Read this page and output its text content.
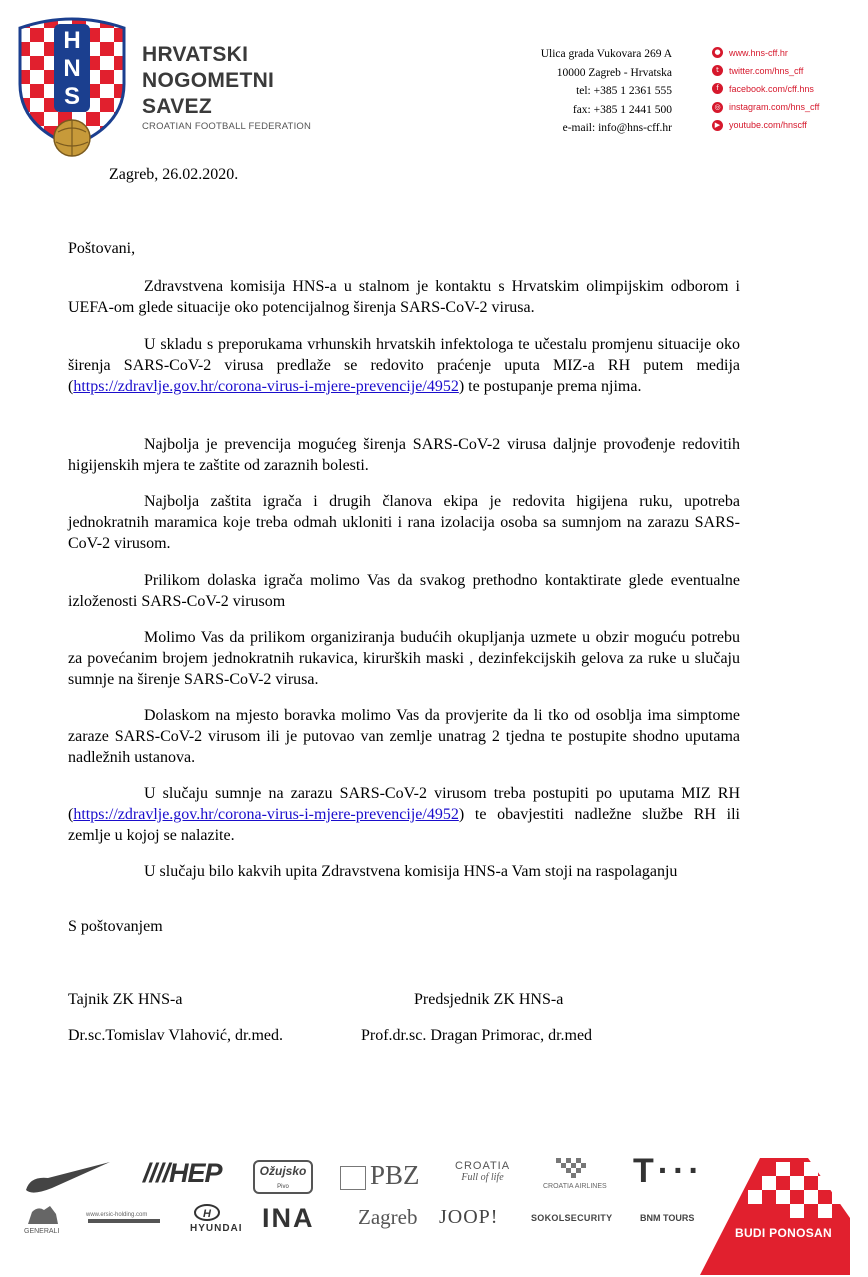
H
N
S
HRVATSKI
NOGOMETNI
SAVEZ
CROATIAN FOOTBALL FEDERATION
Ulica grada Vukovara 269 A
10000 Zagreb - Hrvatska
tel: +385 1 2361 555
fax: +385 1 2441 500
e-mail: info@hns-cff.hr
● www.hns-cff.hr
t	twitter.com/hns_cff
f	facebook.com/cff.hns
◎ instagram.com/hns_cff
▶ youtube.com/hnscff
Zagreb, 26.02.2020.
Poštovani,

Zdravstvena komisija HNS-a u stalnom je kontaktu s Hrvatskim olimpijskim odborom i UEFA-om glede situacije oko potencijalnog širenja SARS-CoV-2 virusa.

U skladu s preporukama vrhunskih hrvatskih infektologa te učestalu promjenu situacije oko širenja SARS-CoV-2 virusa predlaže se redovito praćenje uputa MIZ-a RH putem medija (https://zdravlje.gov.hr/corona-virus-i-mjere-prevencije/4952) te postupanje prema njima.

Najbolja je prevencija mogućeg širenja SARS-CoV-2 virusa daljnje provođenje redovitih higijenskih mjera te zaštite od zaraznih bolesti.

Najbolja zaštita igrača i drugih članova ekipa je redovita higijena ruku, upotreba jednokratnih maramica koje treba odmah ukloniti i rana izolacija osoba sa sumnjom na zarazu SARS-CoV-2 virusom.

Prilikom dolaska igrača molimo Vas da svakog prethodno kontaktirate glede eventualne izloženosti SARS-CoV-2 virusom

Molimo Vas da prilikom organiziranja budućih okupljanja uzmete u obzir moguću potrebu za povećanim brojem jednokratnih rukavica, kirurških maski , dezinfekcijskih gelova za ruke u slučaju sumnje na širenje SARS-CoV-2 virusa.

Dolaskom na mjesto boravka molimo Vas da provjerite da li tko od osoblja ima simptome zaraze SARS-CoV-2 virusom ili je putovao van zemlje unatrag 2 tjedna te postupite shodno uputama nadležnih ustanova.

U slučaju sumnje na zarazu SARS-CoV-2 virusom treba postupiti po uputama MIZ RH (https://zdravlje.gov.hr/corona-virus-i-mjere-prevencije/4952) te obavjestiti nadležne službe RH ili zemlje u kojoj se nalazite.

U slučaju bilo kakvih upita Zdravstvena komisija HNS-a Vam stoji na raspolaganju

S poštovanjem
Tajnik ZK HNS-a	Predsjednik ZK HNS-a
Dr.sc.Tomislav Vlahović, dr.med.	Prof.dr.sc. Dragan Primorac, dr.med
////HEP	Ožujsko
Pivo	PBZ	CROATIA
Full of life
CROATIA AIRLINES T···
GENERALI
www.ersic-holding.com	H
HYUNDAI INA Zagreb JOOP!	SOKOLSECURITY	BNM TOURS
BUDI PONOSAN
